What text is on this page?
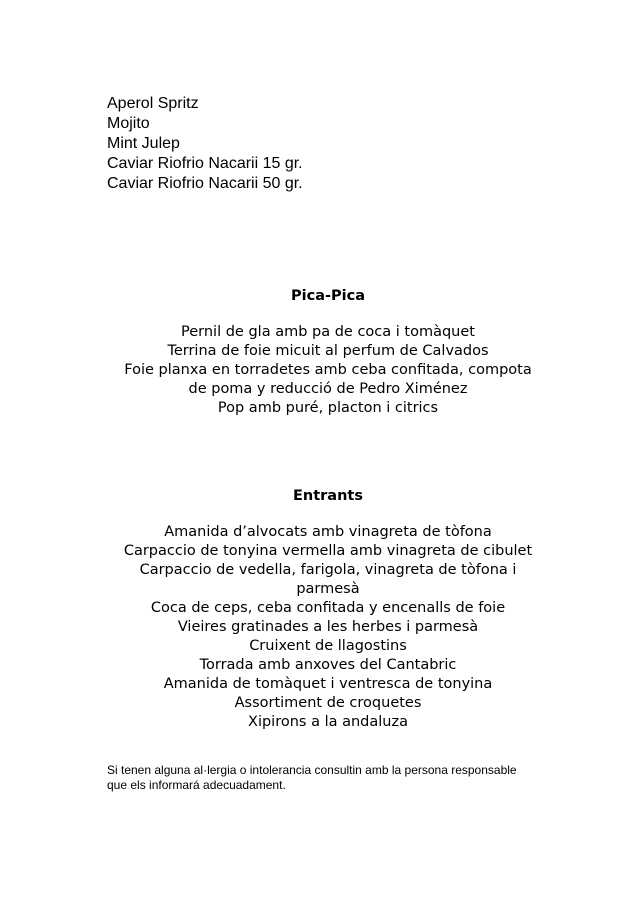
Aperol Spritz
Mojito
Mint Julep
Caviar Riofrio Nacarii 15 gr.
Caviar Riofrio Nacarii 50 gr.
Pica-Pica
Pernil de gla amb pa de coca i tomàquet
Terrina de foie micuit al perfum de Calvados
Foie planxa en torradetes amb ceba confitada, compota
de poma y reducció de Pedro Ximénez
Pop amb puré, placton i citrics
Entrants
Amanida d’alvocats amb vinagreta de tòfona
Carpaccio de tonyina vermella amb vinagreta de cibulet
Carpaccio de vedella, farigola, vinagreta de tòfona i
parmesà
Coca de ceps, ceba confitada y encenalls de foie
Vieires gratinades a les herbes i parmesà
Cruixent de llagostins
Torrada amb anxoves del Cantabric
Amanida de tomàquet i ventresca de tonyina
Assortiment de croquetes
Xipirons a la andaluza
Si tenen alguna al·lergia o intolerancia consultin amb la persona responsable
que els informará adecuadament.
